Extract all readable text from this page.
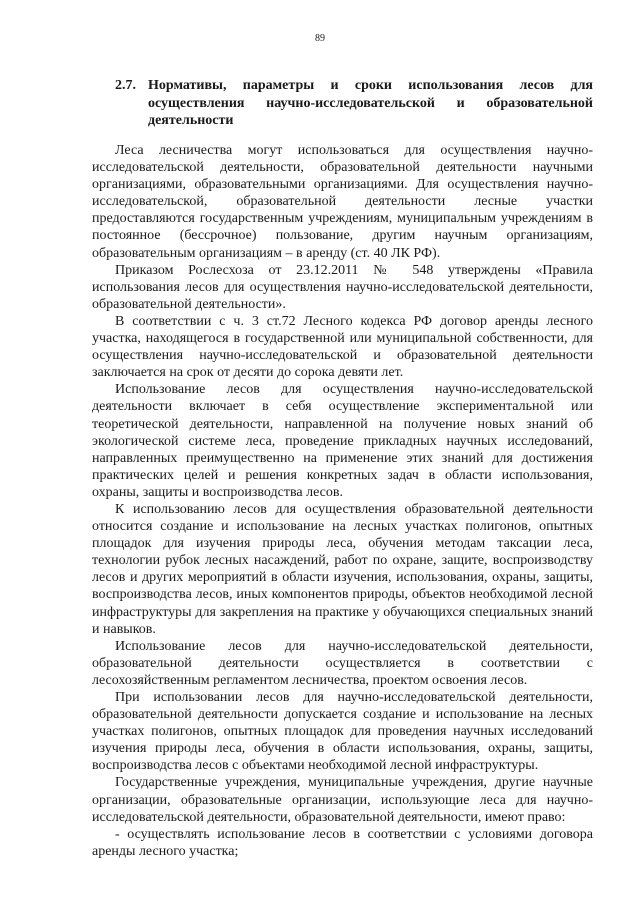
89
2.7. Нормативы, параметры и сроки использования лесов для осуществления научно-исследовательской и образовательной деятельности

Леса лесничества могут использоваться для осуществления научно-исследовательской деятельности, образовательной деятельности научными организациями, образовательными организациями. Для осуществления научно-исследовательской, образовательной деятельности лесные участки предоставляются государственным учреждениям, муниципальным учреждениям в постоянное (бессрочное) пользование, другим научным организациям, образовательным организациям – в аренду (ст. 40 ЛК РФ).

Приказом Рослесхоза от 23.12.2011 № 548 утверждены «Правила использования лесов для осуществления научно-исследовательской деятельности, образовательной деятельности».

В соответствии с ч. 3 ст.72 Лесного кодекса РФ договор аренды лесного участка, находящегося в государственной или муниципальной собственности, для осуществления научно-исследовательской и образовательной деятельности заключается на срок от десяти до сорока девяти лет.

Использование лесов для осуществления научно-исследовательской деятельности включает в себя осуществление экспериментальной или теоретической деятельности, направленной на получение новых знаний об экологической системе леса, проведение прикладных научных исследований, направленных преимущественно на применение этих знаний для достижения практических целей и решения конкретных задач в области использования, охраны, защиты и воспроизводства лесов.

К использованию лесов для осуществления образовательной деятельности относится создание и использование на лесных участках полигонов, опытных площадок для изучения природы леса, обучения методам таксации леса, технологии рубок лесных насаждений, работ по охране, защите, воспроизводству лесов и других мероприятий в области изучения, использования, охраны, защиты, воспроизводства лесов, иных компонентов природы, объектов необходимой лесной инфраструктуры для закрепления на практике у обучающихся специальных знаний и навыков.

Использование лесов для научно-исследовательской деятельности, образовательной деятельности осуществляется в соответствии с лесохозяйственным регламентом лесничества, проектом освоения лесов.

При использовании лесов для научно-исследовательской деятельности, образовательной деятельности допускается создание и использование на лесных участках полигонов, опытных площадок для проведения научных исследований изучения природы леса, обучения в области использования, охраны, защиты, воспроизводства лесов с объектами необходимой лесной инфраструктуры.

Государственные учреждения, муниципальные учреждения, другие научные организации, образовательные организации, использующие леса для научно-исследовательской деятельности, образовательной деятельности, имеют право:

- осуществлять использование лесов в соответствии с условиями договора аренды лесного участка;
